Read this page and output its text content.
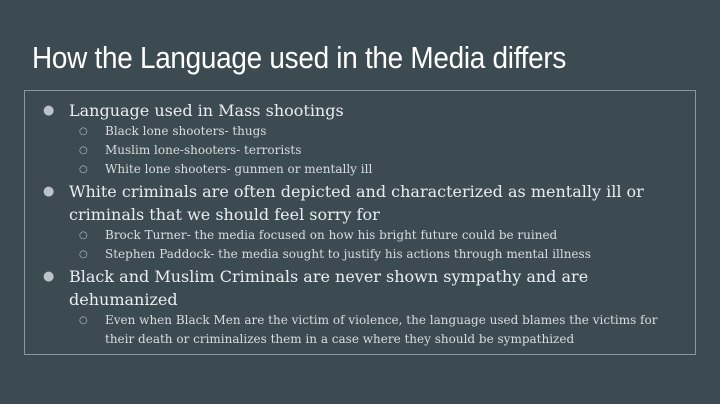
How the Language used in the Media differs
● Language used in Mass shootings
○ Black lone shooters- thugs
○ Muslim lone-shooters- terrorists
○ White lone shooters- gunmen or mentally ill
● White criminals are often depicted and characterized as mentally ill or criminals that we should feel sorry for
○ Brock Turner- the media focused on how his bright future could be ruined
○ Stephen Paddock- the media sought to justify his actions through mental illness
● Black and Muslim Criminals are never shown sympathy and are dehumanized
○ Even when Black Men are the victim of violence, the language used blames the victims for their death or criminalizes them in a case where they should be sympathized
